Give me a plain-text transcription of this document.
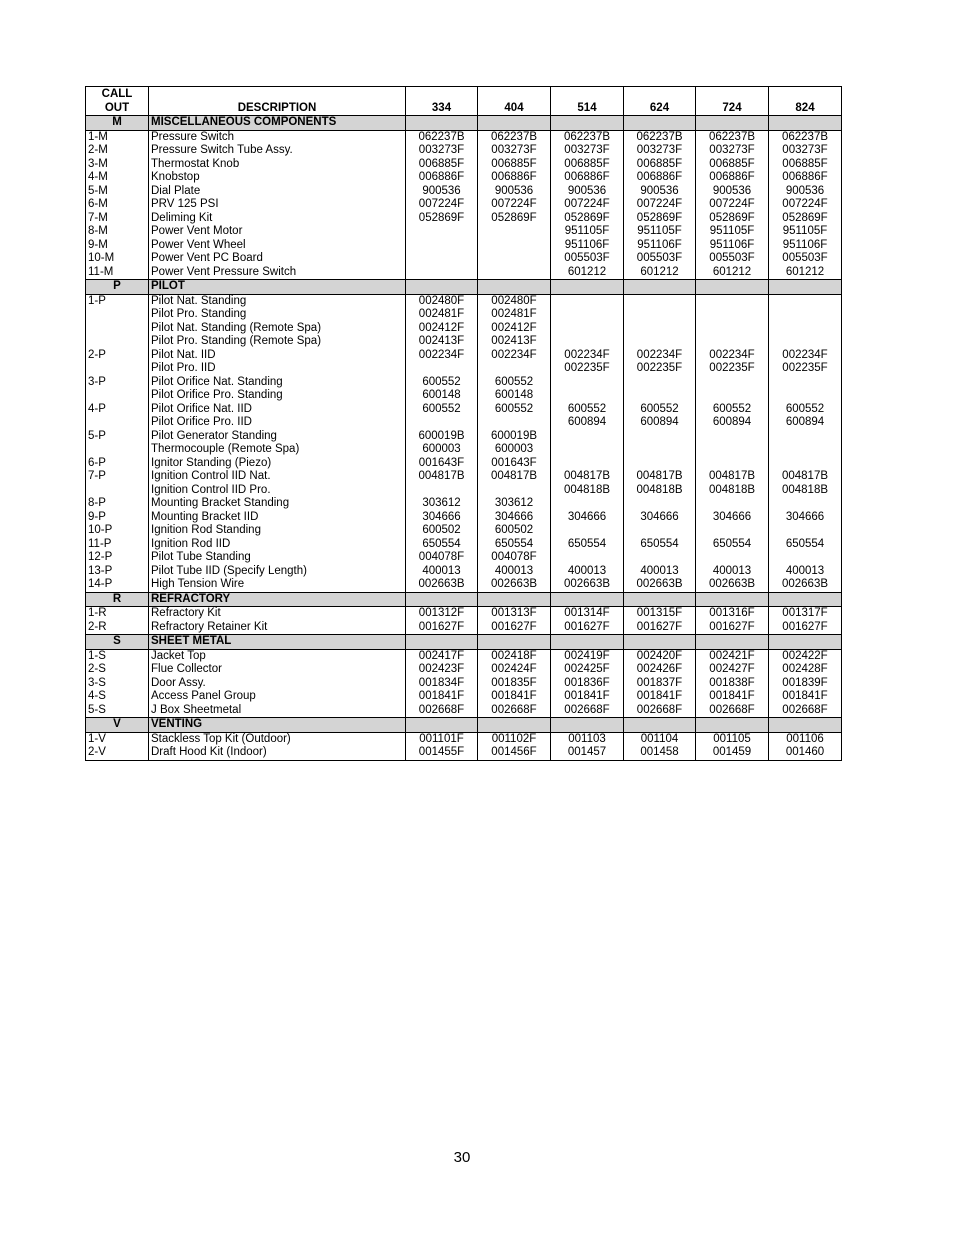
CALL
OUT	DESCRIPTION	334	404	514	624	724	824
M	MISCELLANEOUS COMPONENTS						
1-M	Pressure Switch	062237B	062237B	062237B	062237B	062237B	062237B
2-M	Pressure Switch Tube Assy.	003273F	003273F	003273F	003273F	003273F	003273F
3-M	Thermostat Knob	006885F	006885F	006885F	006885F	006885F	006885F
4-M	Knobstop	006886F	006886F	006886F	006886F	006886F	006886F
5-M	Dial Plate	900536	900536	900536	900536	900536	900536
6-M	PRV 125 PSI	007224F	007224F	007224F	007224F	007224F	007224F
7-M	Deliming Kit	052869F	052869F	052869F	052869F	052869F	052869F
8-M	Power Vent Motor			951105F	951105F	951105F	951105F
9-M	Power Vent Wheel			951106F	951106F	951106F	951106F
10-M	Power Vent PC Board			005503F	005503F	005503F	005503F
11-M	Power Vent Pressure Switch			601212	601212	601212	601212
P	PILOT						
1-P	Pilot Nat. Standing	002480F	002480F				
	Pilot Pro. Standing	002481F	002481F				
	Pilot Nat. Standing (Remote Spa)	002412F	002412F				
	Pilot Pro. Standing (Remote Spa)	002413F	002413F				
2-P	Pilot Nat. IID	002234F	002234F	002234F	002234F	002234F	002234F
	Pilot Pro. IID			002235F	002235F	002235F	002235F
3-P	Pilot Orifice Nat. Standing	600552	600552				
	Pilot Orifice Pro. Standing	600148	600148				
4-P	Pilot Orifice Nat. IID	600552	600552	600552	600552	600552	600552
	Pilot Orifice Pro. IID			600894	600894	600894	600894
5-P	Pilot Generator Standing	600019B	600019B				
	Thermocouple (Remote Spa)	600003	600003				
6-P	Ignitor Standing (Piezo)	001643F	001643F				
7-P	Ignition Control IID Nat.	004817B	004817B	004817B	004817B	004817B	004817B
	Ignition Control IID Pro.			004818B	004818B	004818B	004818B
8-P	Mounting Bracket Standing	303612	303612				
9-P	Mounting Bracket IID	304666	304666	304666	304666	304666	304666
10-P	Ignition Rod Standing	600502	600502				
11-P	Ignition Rod IID	650554	650554	650554	650554	650554	650554
12-P	Pilot Tube Standing	004078F	004078F				
13-P	Pilot Tube IID (Specify Length)	400013	400013	400013	400013	400013	400013
14-P	High Tension Wire	002663B	002663B	002663B	002663B	002663B	002663B
R	REFRACTORY						
1-R	Refractory Kit	001312F	001313F	001314F	001315F	001316F	001317F
2-R	Refractory Retainer Kit	001627F	001627F	001627F	001627F	001627F	001627F
S	SHEET METAL						
1-S	Jacket Top	002417F	002418F	002419F	002420F	002421F	002422F
2-S	Flue Collector	002423F	002424F	002425F	002426F	002427F	002428F
3-S	Door Assy.	001834F	001835F	001836F	001837F	001838F	001839F
4-S	Access Panel Group	001841F	001841F	001841F	001841F	001841F	001841F
5-S	J Box Sheetmetal	002668F	002668F	002668F	002668F	002668F	002668F
V	VENTING						
1-V	Stackless Top Kit (Outdoor)	001101F	001102F	001103	001104	001105	001106
2-V	Draft Hood Kit (Indoor)	001455F	001456F	001457	001458	001459	001460
30
